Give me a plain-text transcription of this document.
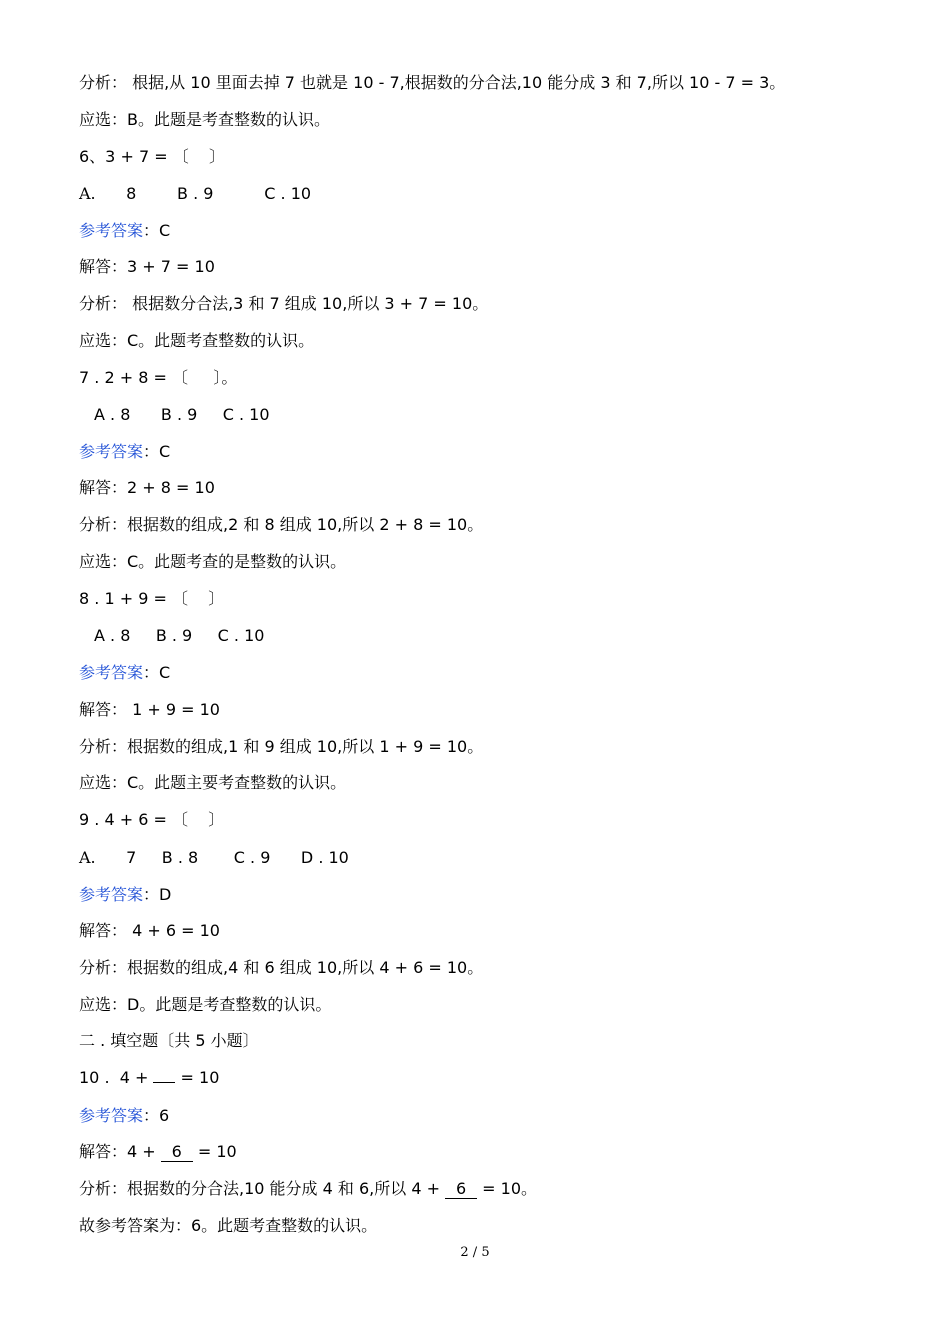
分析： 根据,从 10 里面去掉 7 也就是 10 - 7,根据数的分合法,10 能分成 3 和 7,所以 10 - 7 = 3。
应选：B。此题是考查整数的认识。
6、3 + 7 = 〔    〕
A.      8        B . 9          C . 10
参考答案：C
解答：3 + 7 = 10
分析： 根据数分合法,3 和 7 组成 10,所以 3 + 7 = 10。
应选：C。此题考查整数的认识。
7 . 2 + 8 = 〔     〕。
A . 8      B . 9     C . 10
参考答案：C
解答：2 + 8 = 10
分析：根据数的组成,2 和 8 组成 10,所以 2 + 8 = 10。
应选：C。此题考查的是整数的认识。
8 . 1 + 9 = 〔    〕
A . 8     B . 9     C . 10
参考答案：C
解答： 1 + 9 = 10
分析：根据数的组成,1 和 9 组成 10,所以 1 + 9 = 10。
应选：C。此题主要考查整数的认识。
9 . 4 + 6 = 〔    〕
A.      7     B . 8       C . 9      D . 10
参考答案：D
解答： 4 + 6 = 10
分析：根据数的组成,4 和 6 组成 10,所以 4 + 6 = 10。
应选：D。此题是考查整数的认识。
二 . 填空题〔共 5 小题〕
10 .  4 +  = 10
参考答案：6
解答：4 + 6 = 10
分析：根据数的分合法,10 能分成 4 和 6,所以 4 + 6 = 10。
故参考答案为：6。此题考查整数的认识。
2 / 5
